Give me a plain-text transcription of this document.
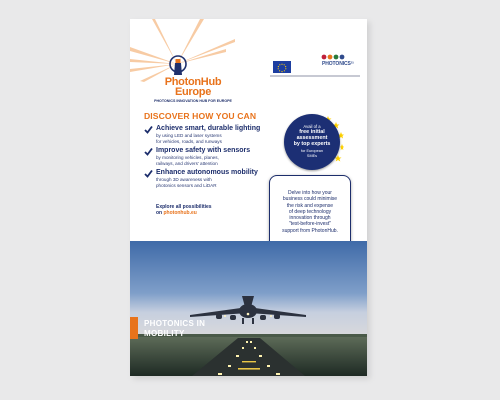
PhotonHub
Europe
PHOTONICS INNOVATION HUB FOR EUROPE
PHOTONICS²¹
DISCOVER HOW YOU CAN
Achieve smart, durable lighting
by using LED and laser systems
for vehicles, roads, and runways
Improve safety with sensors
by monitoring vehicles, planes,
railways, and drivers' attention
Enhance autonomous mobility
through 3D awareness with
photonics sensors and LiDAR
Explore all possibilities
on photonhub.eu
Delve into how your
business could minimise
the risk and expense
of deep technology
innovation through
"test-before-invest"
support from PhotonHub.
Avail of a
free initial
assessment
by top experts
for European
SMEs
PHOTONICS IN
MOBILITY
